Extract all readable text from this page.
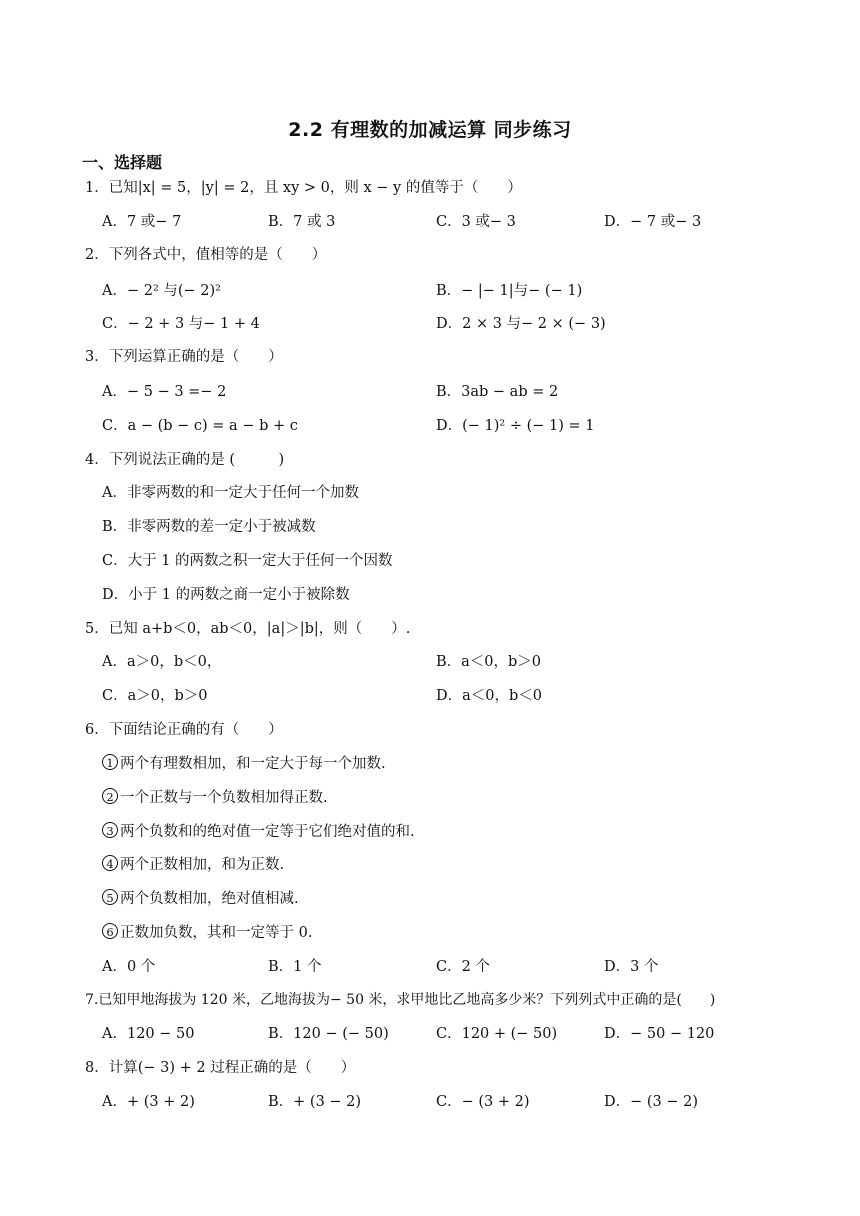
2.2 有理数的加减运算 同步练习
一、选择题
1．已知|x| = 5，|y| = 2，且 xy > 0，则 x − y 的值等于（　　）
A．7 或− 7	B．7 或 3	C．3 或− 3	D．− 7 或− 3
2．下列各式中，值相等的是（　　）
A．− 2² 与(− 2)²	B．− |− 1|与− (− 1)
C．− 2 + 3 与− 1 + 4	D．2 × 3 与− 2 × (− 3)
3．下列运算正确的是（　　）
A．− 5 − 3 =− 2	B．3ab − ab = 2
C．a − (b − c) = a − b + c	D．(− 1)² ÷ (− 1) = 1
4．下列说法正确的是 (　　　)
A．非零两数的和一定大于任何一个加数
B．非零两数的差一定小于被减数
C．大于 1 的两数之积一定大于任何一个因数
D．小于 1 的两数之商一定小于被除数
5．已知 a+b＜0，ab＜0，|a|＞|b|，则（　　）.
A．a＞0，b＜0，	B．a＜0，b＞0
C．a＞0，b＞0	D．a＜0，b＜0
6．下面结论正确的有（　　）
1 两个有理数相加，和一定大于每一个加数.
2 一个正数与一个负数相加得正数.
3 两个负数和的绝对值一定等于它们绝对值的和.
4 两个正数相加，和为正数.
5 两个负数相加，绝对值相减.
6 正数加负数，其和一定等于 0.
A．0 个	B．1 个	C．2 个	D．3 个
7.已知甲地海拔为 120 米，乙地海拔为− 50 米，求甲地比乙地高多少米？下列列式中正确的是(　　)
A．120 − 50	B．120 − (− 50)	C．120 + (− 50)	D．− 50 − 120
8．计算(− 3) + 2 过程正确的是（　　）
A．+ (3 + 2)	B．+ (3 − 2)	C．− (3 + 2)	D．− (3 − 2)
